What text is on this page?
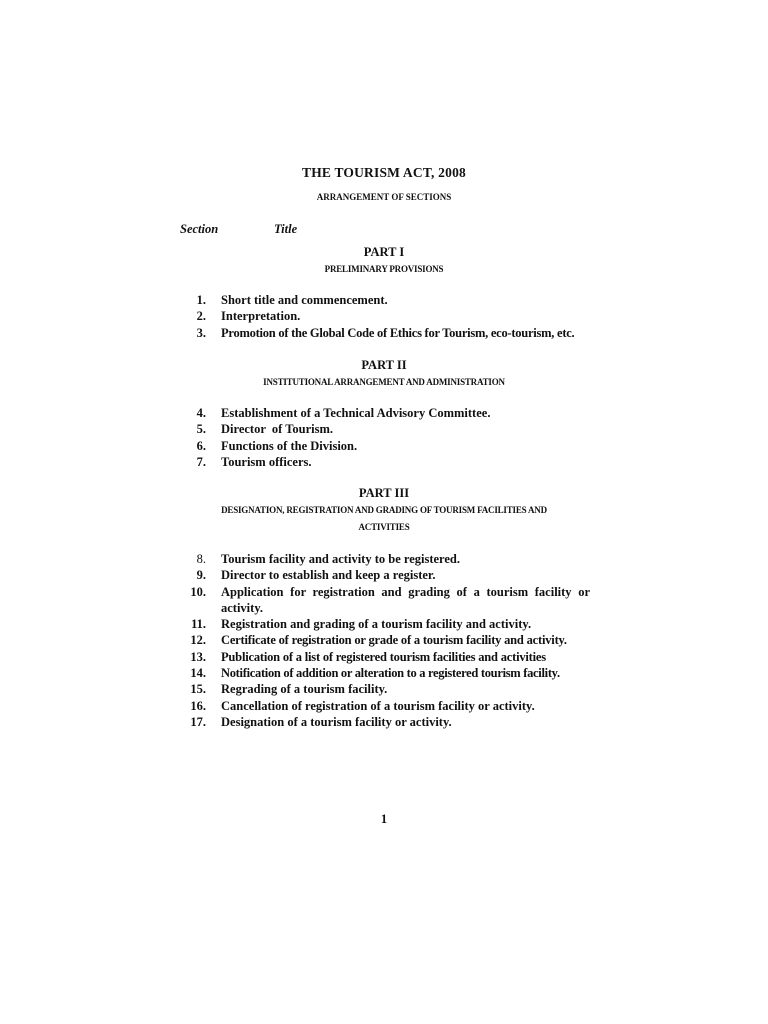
THE TOURISM ACT, 2008

ARRANGEMENT OF SECTIONS

Section	Title

PART I

PRELIMINARY PROVISIONS

1. Short title and commencement.
2. Interpretation.
3. Promotion of the Global Code of Ethics for Tourism, eco-tourism, etc.

PART II

INSTITUTIONAL ARRANGEMENT AND ADMINISTRATION

4. Establishment of a Technical Advisory Committee.
5. Director  of Tourism.
6. Functions of the Division.
7. Tourism officers.

PART III

DESIGNATION, REGISTRATION AND GRADING OF TOURISM FACILITIES AND
ACTIVITIES

8. Tourism facility and activity to be registered.
9. Director to establish and keep a register.
10. Application for registration and grading of a tourism facility or activity.
11. Registration and grading of a tourism facility and activity.
12. Certificate of registration or grade of a tourism facility and activity.
13. Publication of a list of registered tourism facilities and activities
14. Notification of addition or alteration to a registered tourism facility.
15. Regrading of a tourism facility.
16. Cancellation of registration of a tourism facility or activity.
17. Designation of a tourism facility or activity.

1
